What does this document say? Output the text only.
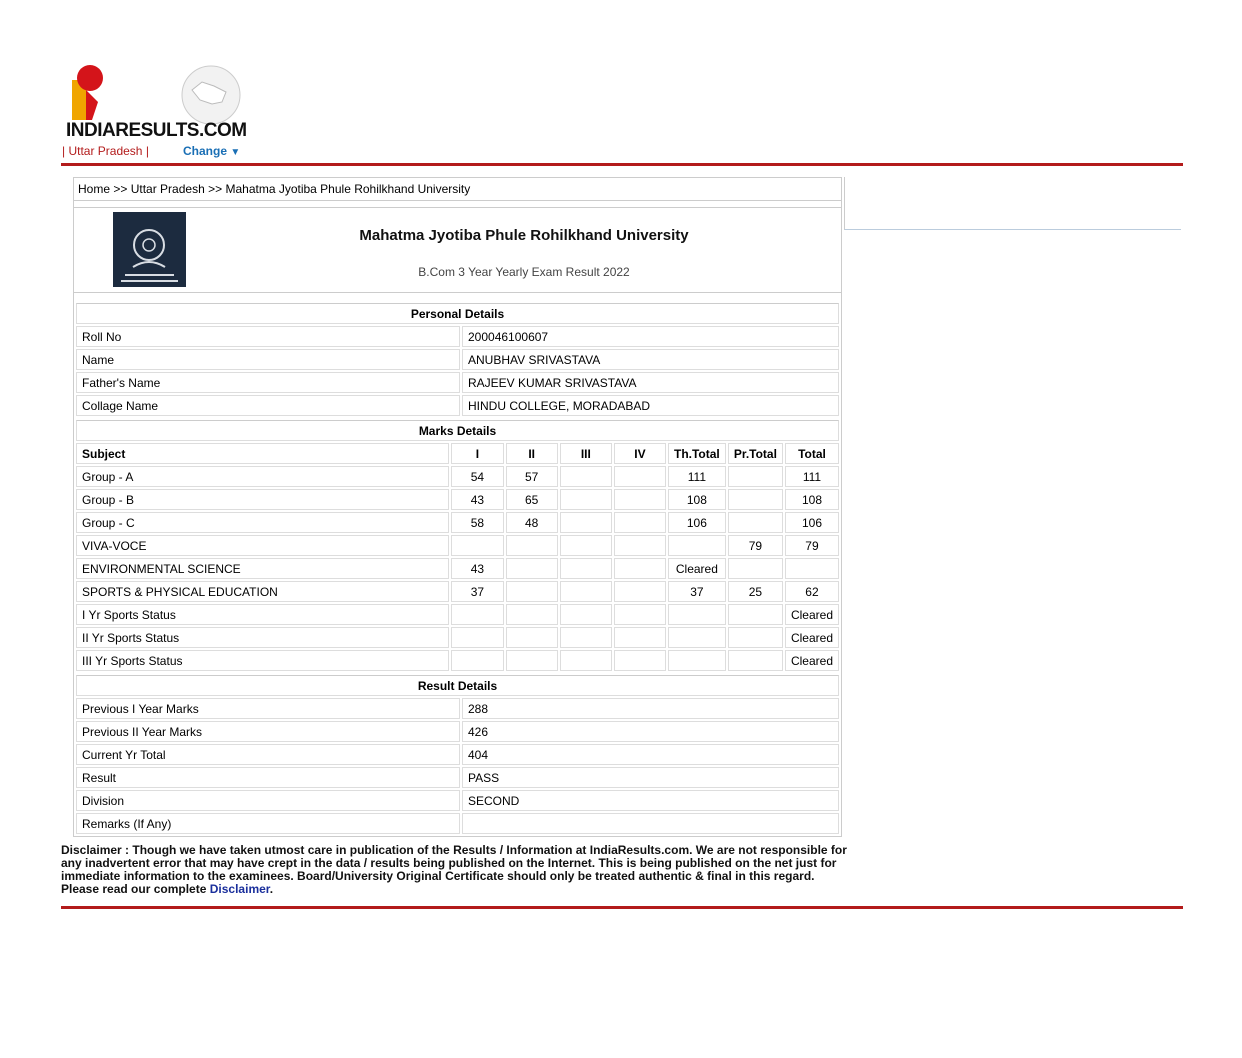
INDIARESULTS.COM
| Uttar Pradesh |	Change ▼
Home >> Uttar Pradesh >> Mahatma Jyotiba Phule Rohilkhand University
Mahatma Jyotiba Phule Rohilkhand University
B.Com 3 Year Yearly Exam Result 2022
Personal Details	
Roll No	200046100607
Name	ANUBHAV SRIVASTAVA
Father's Name	RAJEEV KUMAR SRIVASTAVA
Collage Name	HINDU COLLEGE, MORADABAD
Marks Details							
Subject	I	II	III	IV	Th.Total	Pr.Total	Total
Group - A	54	57			111		111
Group - B	43	65			108		108
Group - C	58	48			106		106
VIVA-VOCE						79	79
ENVIRONMENTAL SCIENCE	43				Cleared		
SPORTS & PHYSICAL EDUCATION	37				37	25	62
I Yr Sports Status							Cleared
II Yr Sports Status							Cleared
III Yr Sports Status							Cleared
Result Details	
Previous I Year Marks	288
Previous II Year Marks	426
Current Yr Total	404
Result	PASS
Division	SECOND
Remarks (If Any)	
Disclaimer : Though we have taken utmost care in publication of the Results / Information at IndiaResults.com. We are not responsible for any inadvertent error that may have crept in the data / results being published on the Internet. This is being published on the net just for immediate information to the examinees. Board/University Original Certificate should only be treated authentic & final in this regard. Please read our complete Disclaimer.
